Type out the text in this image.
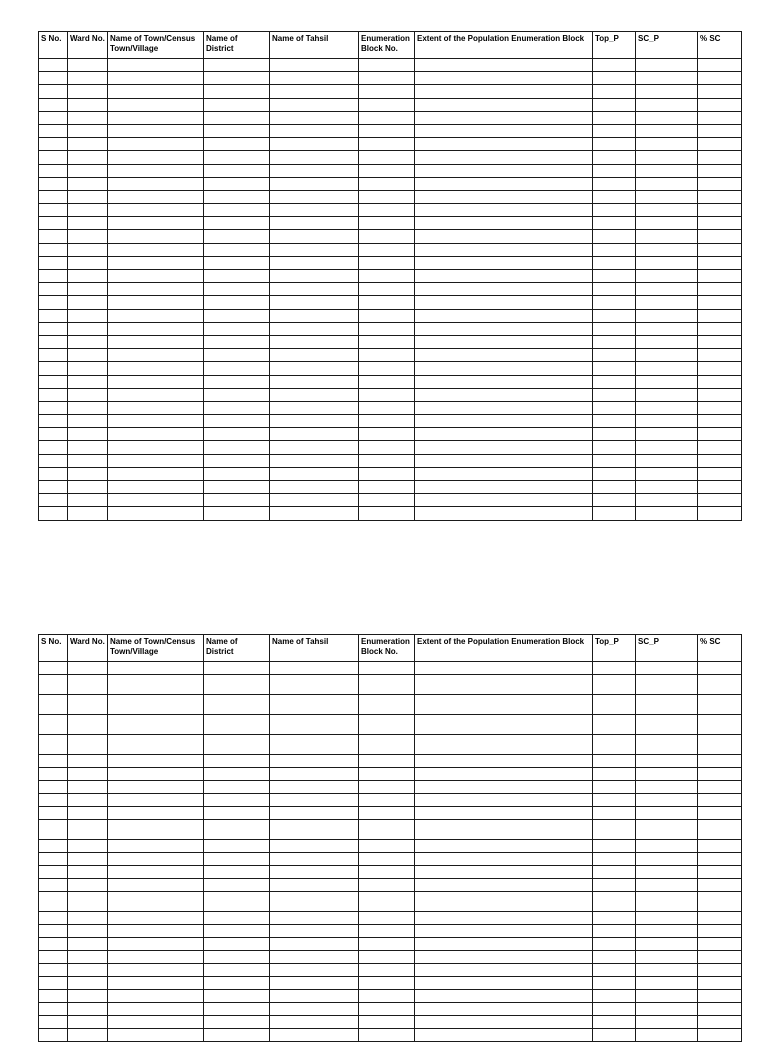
S No.	Ward No.	Name of Town/Census Town/Village	Name of District	Name of Tahsil	Enumeration Block No.	Extent of the Population Enumeration Block	Top_P	SC_P	% SC

S No.	Ward No.	Name of Town/Census Town/Village	Name of District	Name of Tahsil	Enumeration Block No.	Extent of the Population Enumeration Block	Top_P	SC_P	% SC
